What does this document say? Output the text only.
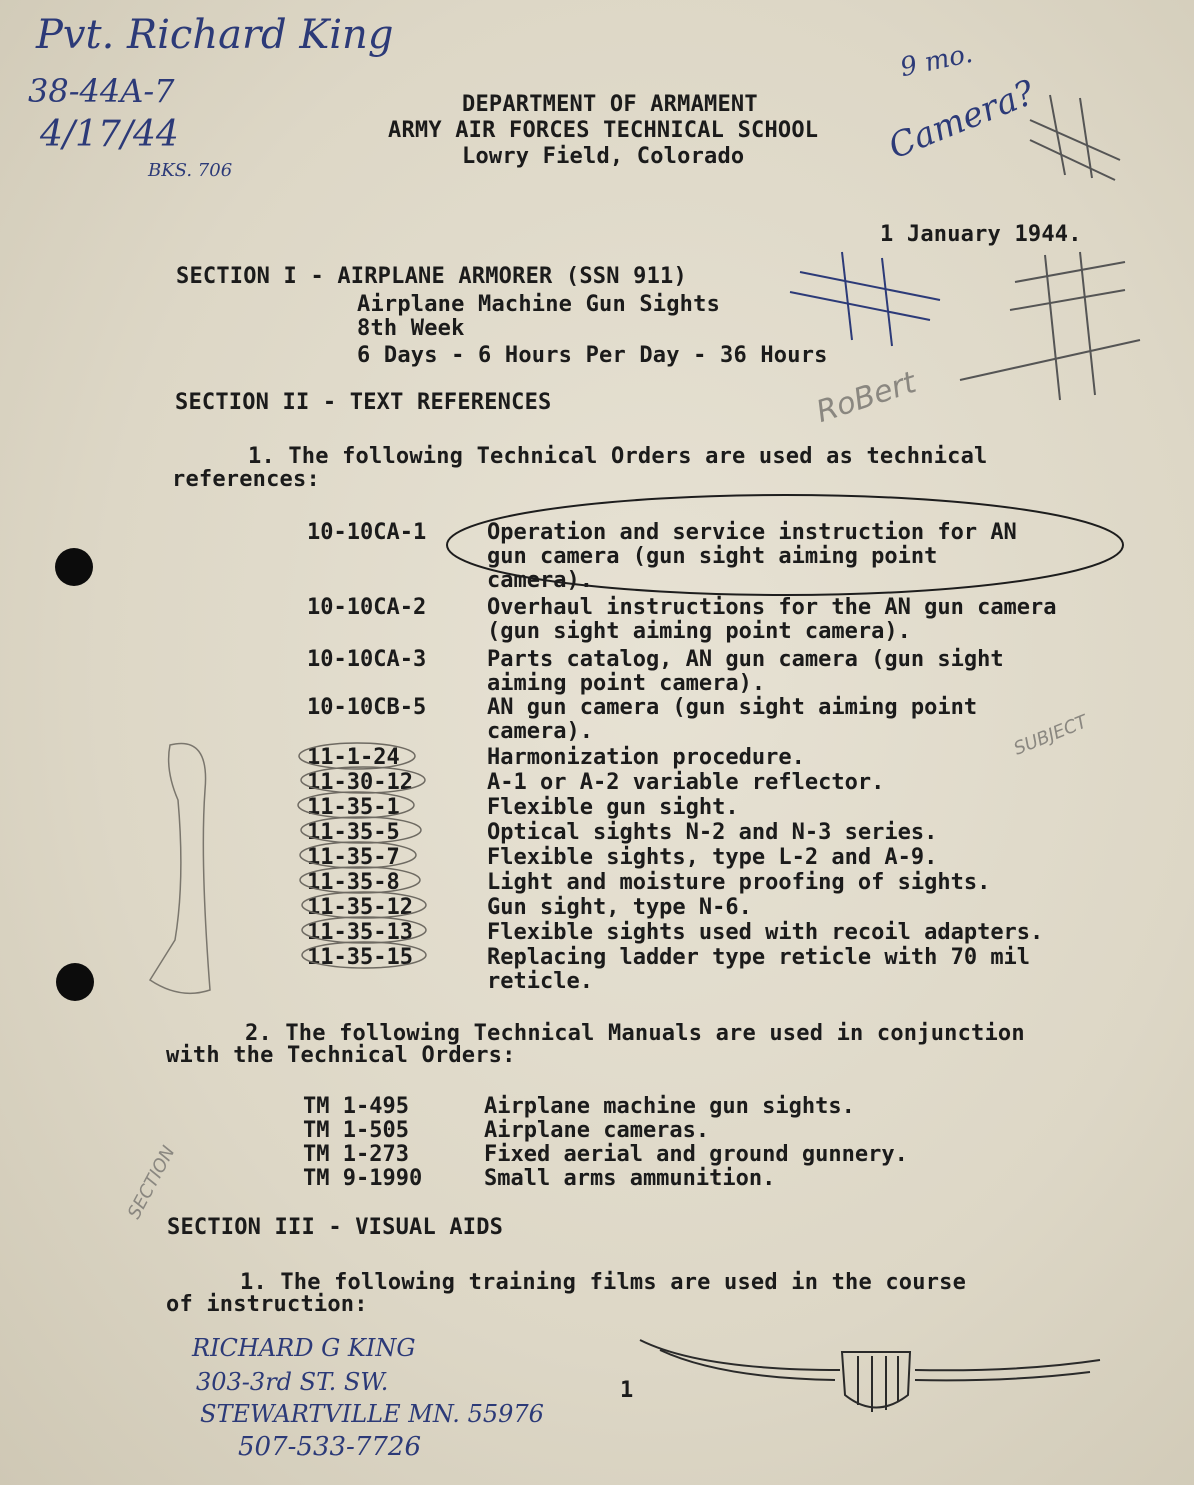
Pvt. Richard King
38-44A-7
4/17/44
BKS. 706
9 mo.
Camera?
SUBJECT
SECTION
RoBert
DEPARTMENT OF ARMAMENT
ARMY AIR FORCES TECHNICAL SCHOOL
Lowry Field, Colorado
1 January 1944.
SECTION I - AIRPLANE ARMORER (SSN 911)
Airplane Machine Gun Sights
8th Week
6 Days - 6 Hours Per Day - 36 Hours
SECTION II - TEXT REFERENCES
1. The following Technical Orders are used as technical
references:
10-10CA-1	Operation and service instruction for AN
gun camera (gun sight aiming point
camera).
10-10CA-2	Overhaul instructions for the AN gun camera
(gun sight aiming point camera).
10-10CA-3	Parts catalog, AN gun camera (gun sight
aiming point camera).
10-10CB-5	AN gun camera (gun sight aiming point
camera).
11-1-24	Harmonization procedure.
11-30-12	A-1 or A-2 variable reflector.
11-35-1	Flexible gun sight.
11-35-5	Optical sights N-2 and N-3 series.
11-35-7	Flexible sights, type L-2 and A-9.
11-35-8	Light and moisture proofing of sights.
11-35-12	Gun sight, type N-6.
11-35-13	Flexible sights used with recoil adapters.
11-35-15	Replacing ladder type reticle with 70 mil
reticle.
2. The following Technical Manuals are used in conjunction
with the Technical Orders:
TM 1-495	Airplane machine gun sights.
TM 1-505	Airplane cameras.
TM 1-273	Fixed aerial and ground gunnery.
TM 9-1990	Small arms ammunition.
SECTION III - VISUAL AIDS
1. The following training films are used in the course
of instruction:
RICHARD G KING
303-3rd ST. SW.
STEWARTVILLE MN. 55976
507-533-7726
1
